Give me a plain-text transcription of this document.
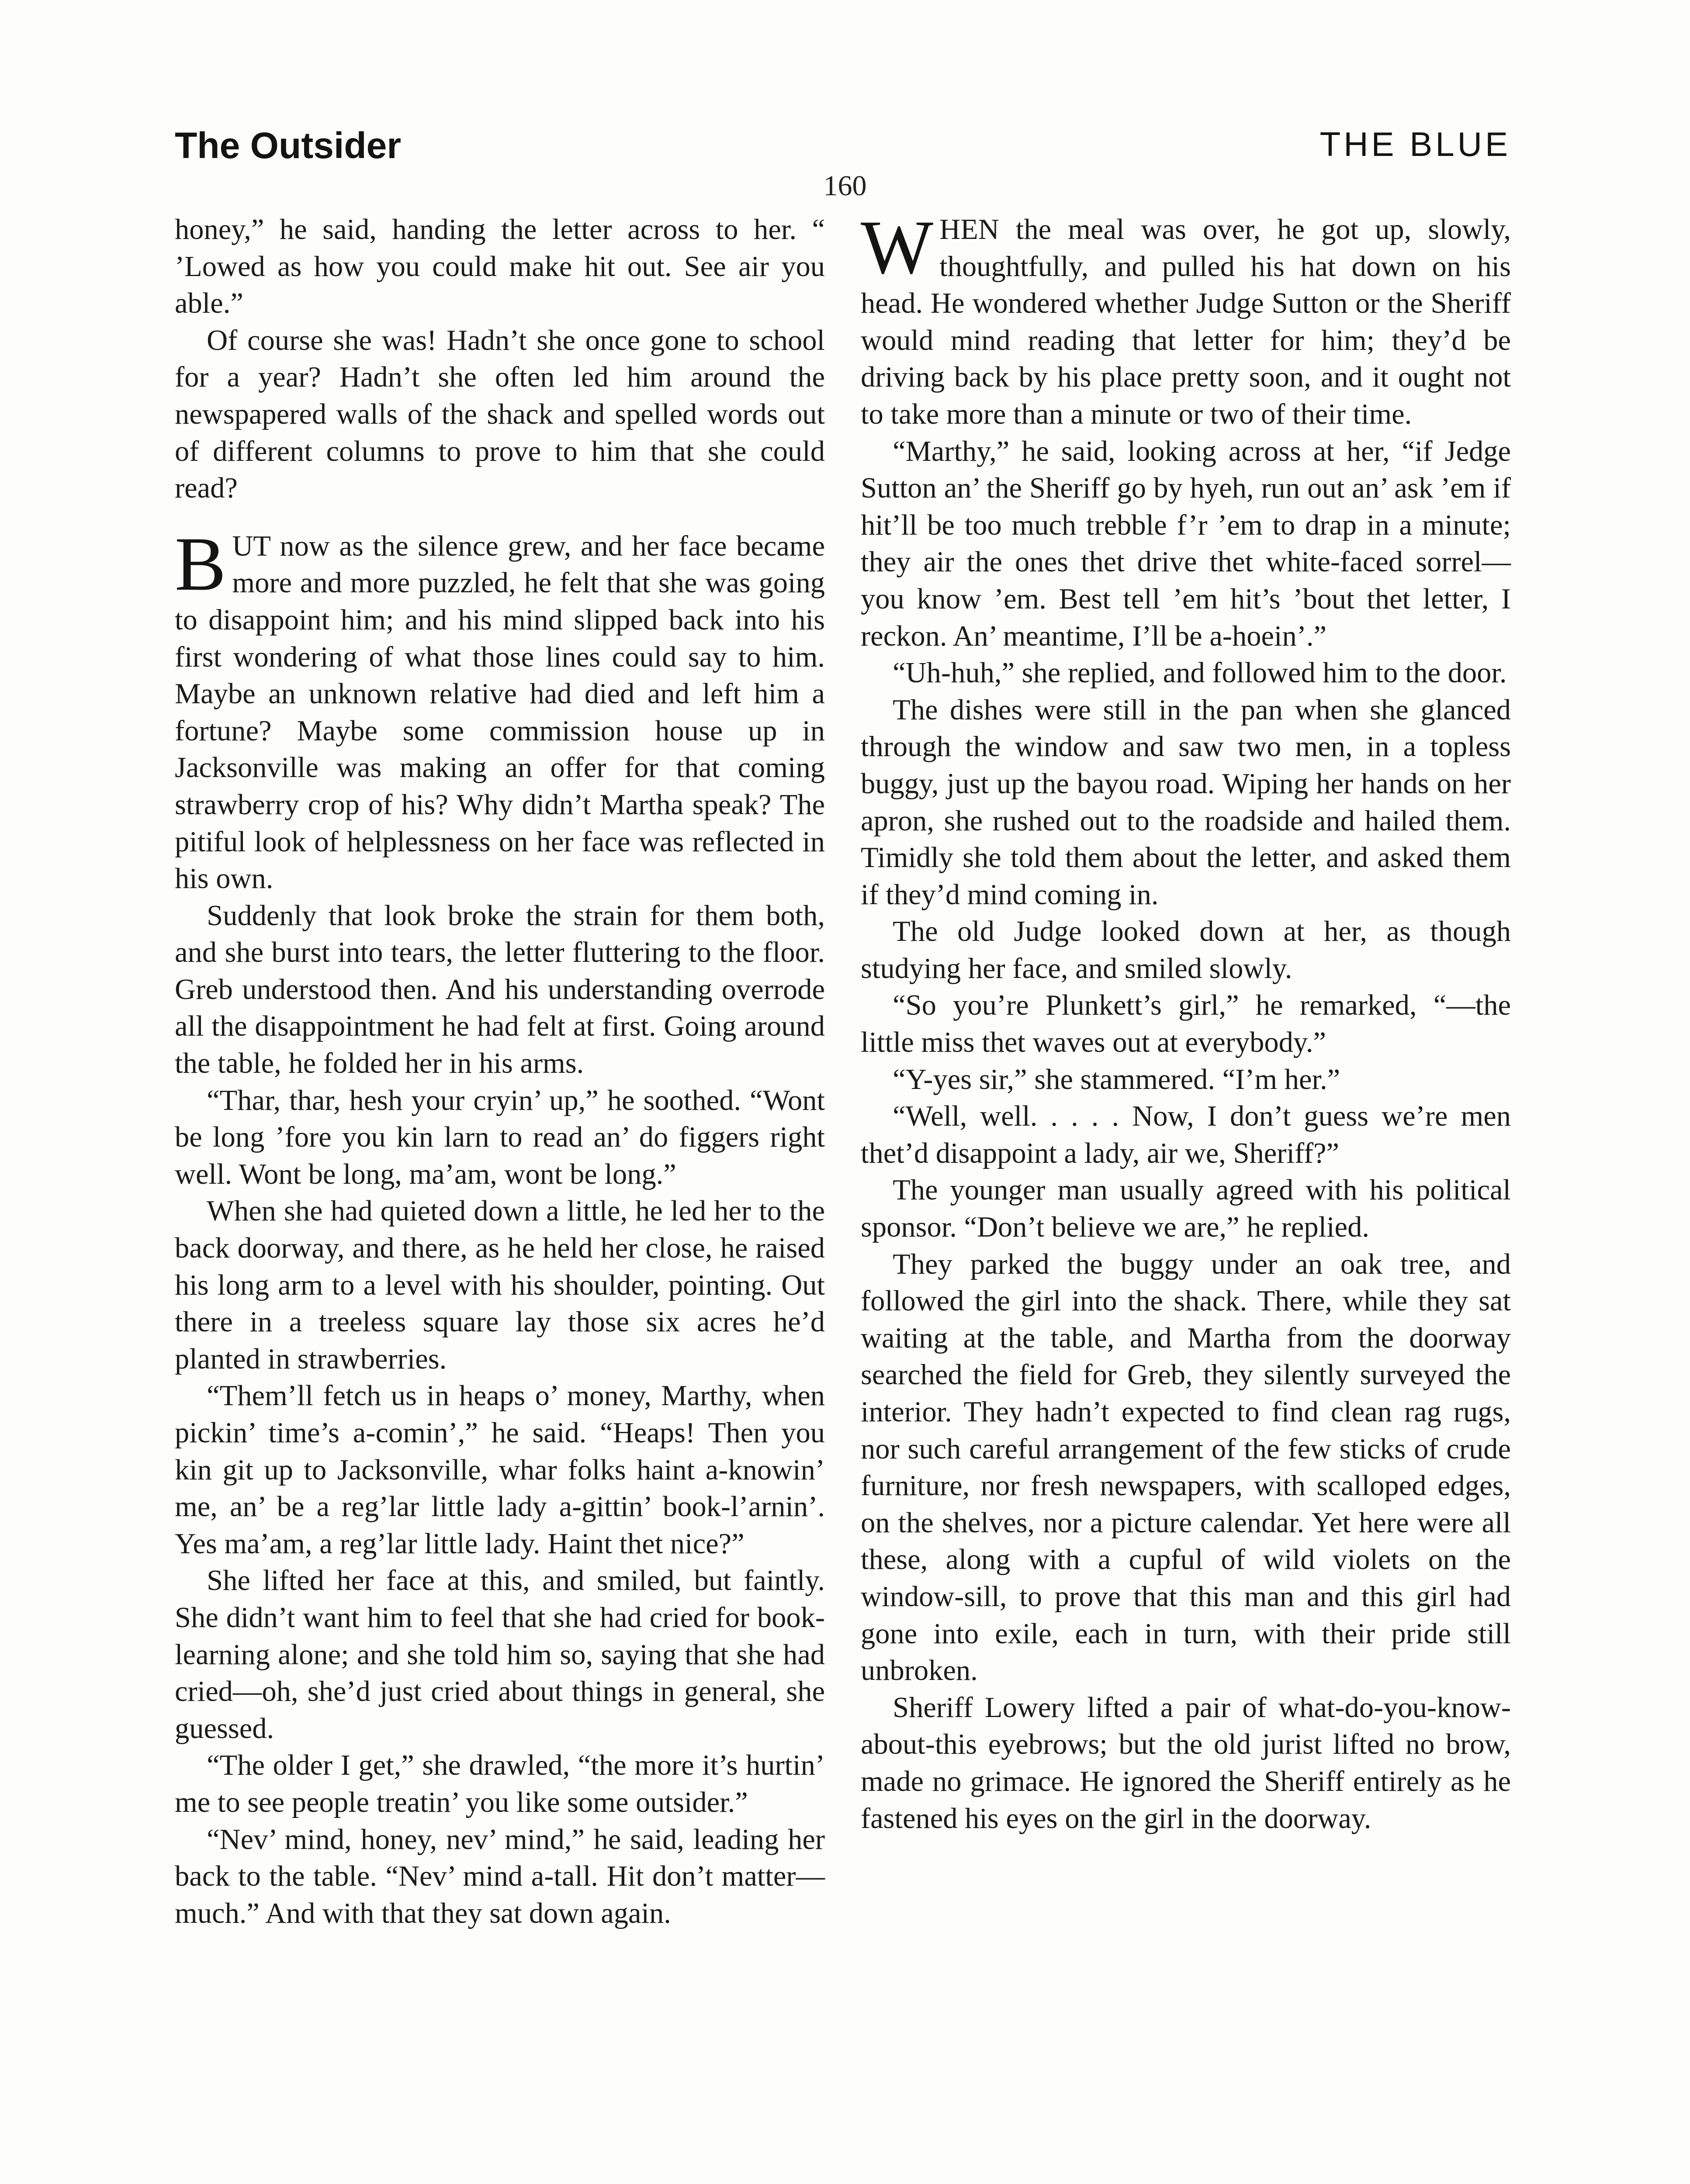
The Outsider	THE BLUE
160

honey,” he said, handing the letter across to her. “ ’Lowed as how you could make hit out. See air you able.”

Of course she was! Hadn’t she once gone to school for a year? Hadn’t she often led him around the newspapered walls of the shack and spelled words out of different columns to prove to him that she could read?

BUT now as the silence grew, and her face became more and more puzzled, he felt that she was going to disappoint him; and his mind slipped back into his first wondering of what those lines could say to him. Maybe an unknown relative had died and left him a fortune? Maybe some commission house up in Jacksonville was making an offer for that coming strawberry crop of his? Why didn’t Martha speak? The pitiful look of helplessness on her face was reflected in his own.

Suddenly that look broke the strain for them both, and she burst into tears, the letter fluttering to the floor. Greb understood then. And his understanding overrode all the disappointment he had felt at first. Going around the table, he folded her in his arms.

“Thar, thar, hesh your cryin’ up,” he soothed. “Wont be long ’fore you kin larn to read an’ do figgers right well. Wont be long, ma’am, wont be long.”

When she had quieted down a little, he led her to the back doorway, and there, as he held her close, he raised his long arm to a level with his shoulder, pointing. Out there in a treeless square lay those six acres he’d planted in strawberries.

“Them’ll fetch us in heaps o’ money, Marthy, when pickin’ time’s a-comin’,” he said. “Heaps! Then you kin git up to Jacksonville, whar folks haint a-knowin’ me, an’ be a reg’lar little lady a-gittin’ book-l’arnin’. Yes ma’am, a reg’lar little lady. Haint thet nice?”

She lifted her face at this, and smiled, but faintly. She didn’t want him to feel that she had cried for book-learning alone; and she told him so, saying that she had cried—oh, she’d just cried about things in general, she guessed.

“The older I get,” she drawled, “the more it’s hurtin’ me to see people treatin’ you like some outsider.”

“Nev’ mind, honey, nev’ mind,” he said, leading her back to the table. “Nev’ mind a-tall. Hit don’t matter—much.” And with that they sat down again.

WHEN the meal was over, he got up, slowly, thoughtfully, and pulled his hat down on his head. He wondered whether Judge Sutton or the Sheriff would mind reading that letter for him; they’d be driving back by his place pretty soon, and it ought not to take more than a minute or two of their time.

“Marthy,” he said, looking across at her, “if Jedge Sutton an’ the Sheriff go by hyeh, run out an’ ask ’em if hit’ll be too much trebble f’r ’em to drap in a minute; they air the ones thet drive thet white-faced sorrel—you know ’em. Best tell ’em hit’s ’bout thet letter, I reckon. An’ meantime, I’ll be a-hoein’.”

“Uh-huh,” she replied, and followed him to the door.

The dishes were still in the pan when she glanced through the window and saw two men, in a topless buggy, just up the bayou road. Wiping her hands on her apron, she rushed out to the roadside and hailed them. Timidly she told them about the letter, and asked them if they’d mind coming in.

The old Judge looked down at her, as though studying her face, and smiled slowly.

“So you’re Plunkett’s girl,” he remarked, “—the little miss thet waves out at everybody.”

“Y-yes sir,” she stammered. “I’m her.”

“Well, well. . . . . Now, I don’t guess we’re men thet’d disappoint a lady, air we, Sheriff?”

The younger man usually agreed with his political sponsor. “Don’t believe we are,” he replied.

They parked the buggy under an oak tree, and followed the girl into the shack. There, while they sat waiting at the table, and Martha from the doorway searched the field for Greb, they silently surveyed the interior. They hadn’t expected to find clean rag rugs, nor such careful arrangement of the few sticks of crude furniture, nor fresh newspapers, with scalloped edges, on the shelves, nor a picture calendar. Yet here were all these, along with a cupful of wild violets on the window-sill, to prove that this man and this girl had gone into exile, each in turn, with their pride still unbroken.

Sheriff Lowery lifted a pair of what-do-you-know-about-this eyebrows; but the old jurist lifted no brow, made no grimace. He ignored the Sheriff entirely as he fastened his eyes on the girl in the doorway.
